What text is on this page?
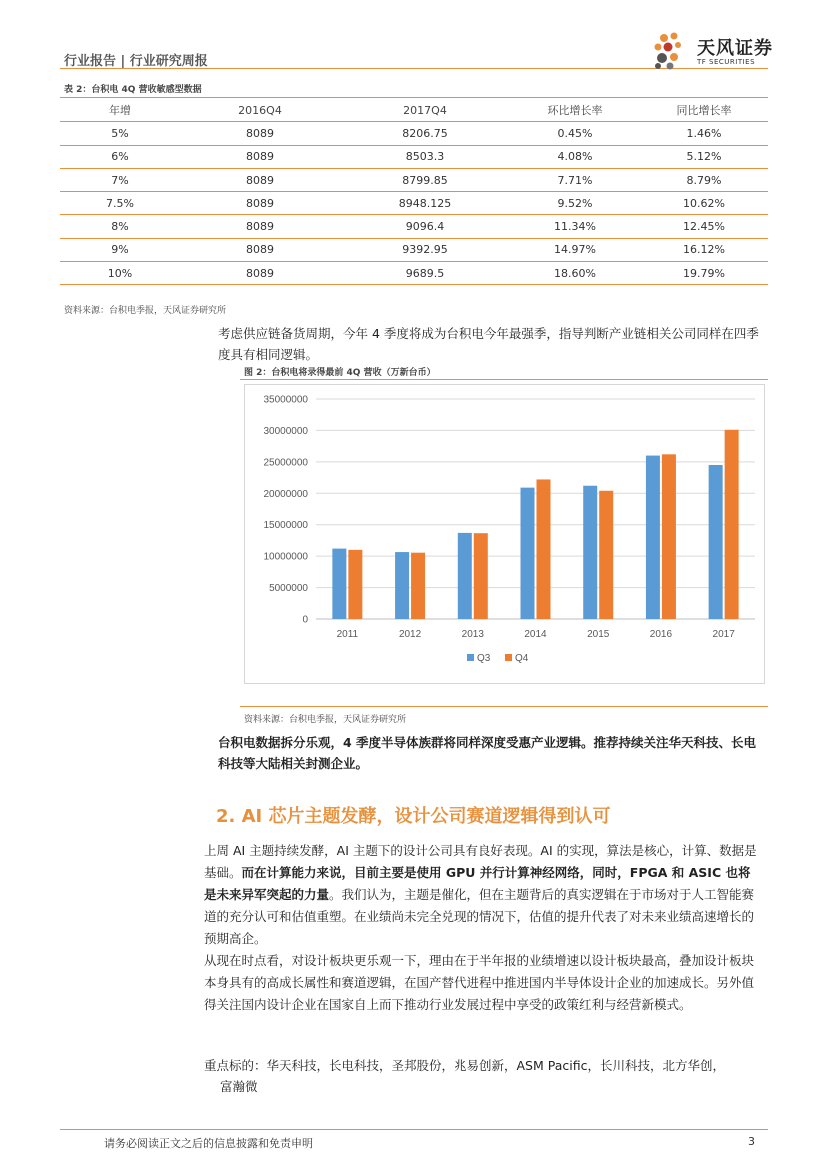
行业报告 | 行业研究周报
天风证券
TF SECURITIES
表 2：台积电 4Q 营收敏感型数据
年增	2016Q4	2017Q4	环比增长率	同比增长率
5%	8089	8206.75	0.45%	1.46%
6%	8089	8503.3	4.08%	5.12%
7%	8089	8799.85	7.71%	8.79%
7.5%	8089	8948.125	9.52%	10.62%
8%	8089	9096.4	11.34%	12.45%
9%	8089	9392.95	14.97%	16.12%
10%	8089	9689.5	18.60%	19.79%
资料来源：台积电季报，天风证券研究所
考虑供应链备货周期，今年 4 季度将成为台积电今年最强季，指导判断产业链相关公司同样在四季度具有相同逻辑。
图 2：台积电将录得最前 4Q 营收（万新台币）
0
5000000
10000000
15000000
20000000
25000000
30000000
35000000
2011	2012	2013	2014	2015	2016	2017
Q3 Q4
资料来源：台积电季报，天风证券研究所
台积电数据拆分乐观，4 季度半导体族群将同样深度受惠产业逻辑。推荐持续关注华天科技、长电科技等大陆相关封测企业。
2. AI 芯片主题发酵，设计公司赛道逻辑得到认可
上周 AI 主题持续发酵，AI 主题下的设计公司具有良好表现。AI 的实现，算法是核心，计算、数据是基础。而在计算能力来说，目前主要是使用 GPU 并行计算神经网络，同时，FPGA 和 ASIC 也将是未来异军突起的力量。我们认为，主题是催化，但在主题背后的真实逻辑在于市场对于人工智能赛道的充分认可和估值重塑。在业绩尚未完全兑现的情况下，估值的提升代表了对未来业绩高速增长的预期高企。
从现在时点看，对设计板块更乐观一下，理由在于半年报的业绩增速以设计板块最高，叠加设计板块本身具有的高成长属性和赛道逻辑，在国产替代进程中推进国内半导体设计企业的加速成长。另外值得关注国内设计企业在国家自上而下推动行业发展过程中享受的政策红利与经营新模式。
重点标的：华天科技，长电科技，圣邦股份，兆易创新，ASM Pacific，长川科技，北方华创，
富瀚微
请务必阅读正文之后的信息披露和免责申明	3
